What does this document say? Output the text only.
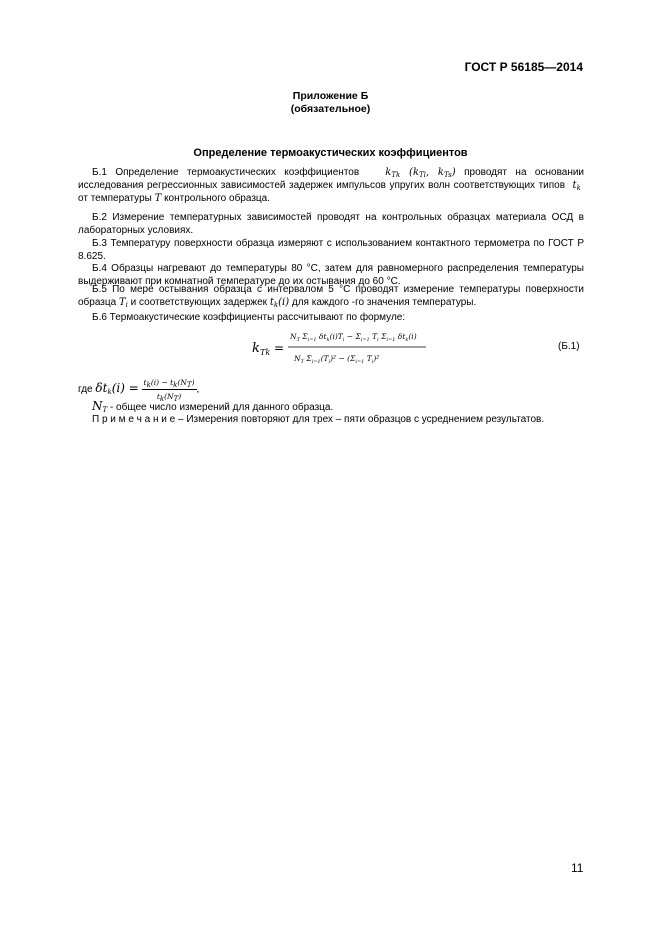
ГОСТ Р 56185—2014
Приложение Б
(обязательное)
Определение термоакустических коэффициентов
Б.1 Определение термоакустических коэффициентов   $k_{Tk}$ ($k_{Tl}$, $k_{Ts}$) проводят на основании исследования регрессионных зависимостей задержек импульсов упругих волн соответствующих типов  $t_k$  от температуры T контрольного образца.
Б.2 Измерение температурных зависимостей проводят на контрольных образцах материала ОСД в лабораторных условиях.
Б.3 Температуру поверхности образца измеряют с использованием контактного термометра по ГОСТ Р 8.625.
Б.4 Образцы нагревают до температуры 80 °С, затем для равномерного распределения температуры выдерживают при комнатной температуре до их остывания до 60 °С.
Б.5 По мере остывания образца с интервалом 5 °С проводят измерение температуры поверхности образца $T_i$ и соответствующих задержек $t_k(i)$ для каждого -го значения температуры.
Б.6 Термоакустические коэффициенты рассчитывают по формуле:
k Tk =
$N_T$ $\Sigma_{i=1}$ $\delta t_k(i)T_i - \Sigma_{i=1}$ $T_i$ $\Sigma_{i=1}$ $\delta t_k(i)$
$N_T$ $\Sigma_{i=1}(T_i)^2 - (\Sigma_{i=1}$ $T_i)^2$
(Б.1)
где $\delta t_k(i) = \frac{t_k(i) - t_k(N_T)}{t_k(N_T)}$ ,
$N_T$ - общее число измерений для данного образца.
П р и м е ч а н и е – Измерения повторяют для трех – пяти образцов с усреднением результатов.
11
